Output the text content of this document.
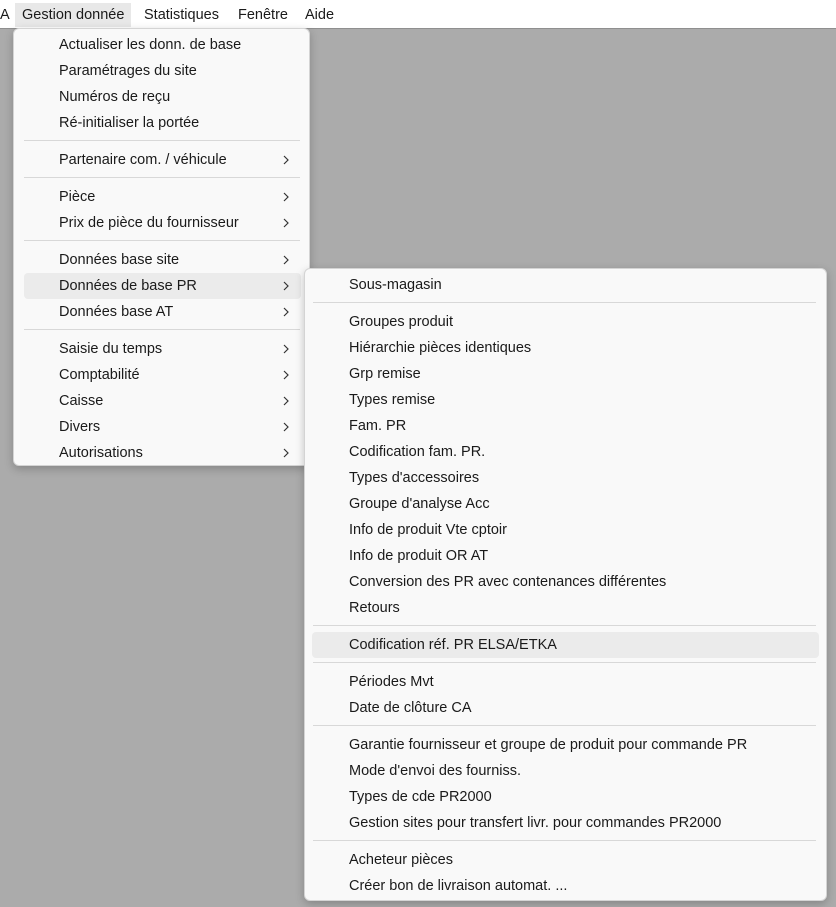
A Gestion donnée	Statistiques	Fenêtre	Aide
Actualiser les donn. de base
Paramétrages du site
Numéros de reçu
Ré-initialiser la portée
Partenaire com. / véhicule
Pièce
Prix de pièce du fournisseur
Données base site
Données de base PR
Données base AT
Saisie du temps
Comptabilité
Caisse
Divers
Autorisations
Sous-magasin
Groupes produit
Hiérarchie pièces identiques
Grp remise
Types remise
Fam. PR
Codification fam. PR.
Types d'accessoires
Groupe d'analyse Acc
Info de produit Vte cptoir
Info de produit OR AT
Conversion des PR avec contenances différentes
Retours
Codification réf. PR ELSA/ETKA
Périodes Mvt
Date de clôture CA
Garantie fournisseur et groupe de produit pour commande PR
Mode d'envoi des fourniss.
Types de cde PR2000
Gestion sites pour transfert livr. pour commandes PR2000
Acheteur pièces
Créer bon de livraison automat. ...
